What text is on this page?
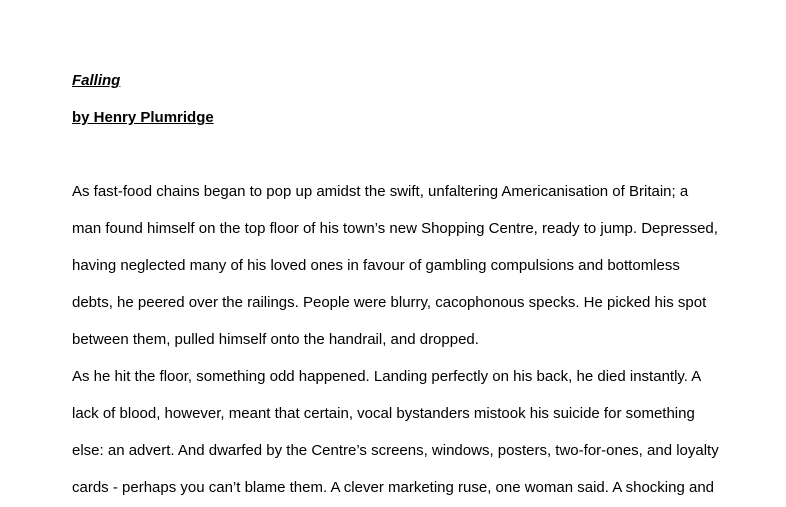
Falling
by Henry Plumridge
As fast-food chains began to pop up amidst the swift, unfaltering Americanisation of Britain; a
man found himself on the top floor of his town’s new Shopping Centre, ready to jump. Depressed,
having neglected many of his loved ones in favour of gambling compulsions and bottomless
debts, he peered over the railings. People were blurry, cacophonous specks. He picked his spot
between them, pulled himself onto the handrail, and dropped.
As he hit the floor, something odd happened. Landing perfectly on his back, he died instantly. A
lack of blood, however, meant that certain, vocal bystanders mistook his suicide for something
else: an advert. And dwarfed by the Centre’s screens, windows, posters, two-for-ones, and loyalty
cards - perhaps you can’t blame them. A clever marketing ruse, one woman said. A shocking and
